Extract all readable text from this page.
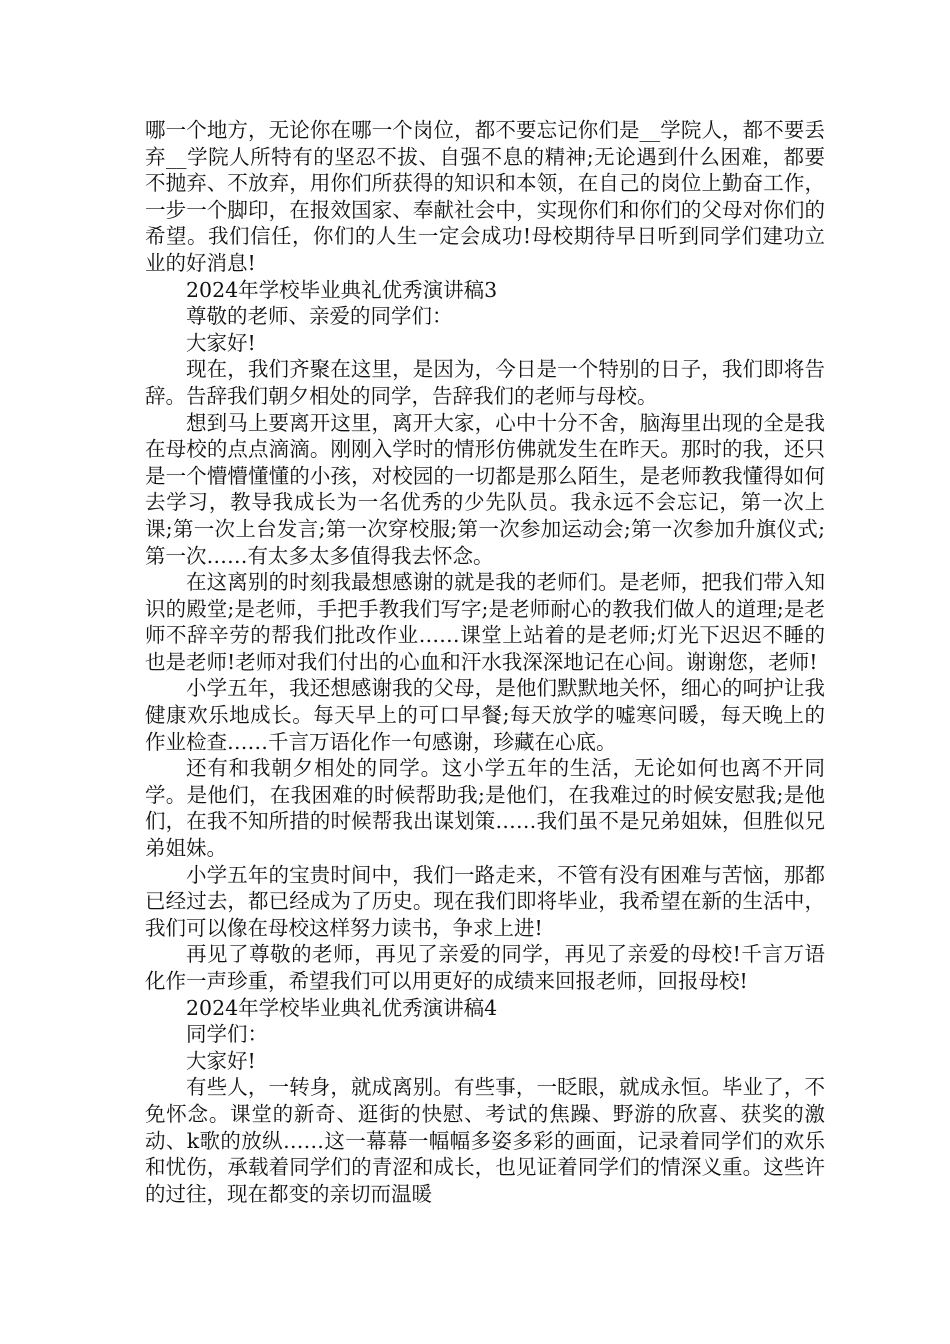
哪一个地方，无论你在哪一个岗位，都不要忘记你们是__学院人，都不要丢弃__学院人所特有的坚忍不拔、自强不息的精神;无论遇到什么困难，都要不抛弃、不放弃，用你们所获得的知识和本领，在自己的岗位上勤奋工作，一步一个脚印，在报效国家、奉献社会中，实现你们和你们的父母对你们的希望。我们信任，你们的人生一定会成功!母校期待早日听到同学们建功立业的好消息!

2024年学校毕业典礼优秀演讲稿3

尊敬的老师、亲爱的同学们：

大家好!

现在，我们齐聚在这里，是因为，今日是一个特别的日子，我们即将告辞。告辞我们朝夕相处的同学，告辞我们的老师与母校。

想到马上要离开这里，离开大家，心中十分不舍，脑海里出现的全是我在母校的点点滴滴。刚刚入学时的情形仿佛就发生在昨天。那时的我，还只是一个懵懵懂懂的小孩，对校园的一切都是那么陌生，是老师教我懂得如何去学习，教导我成长为一名优秀的少先队员。我永远不会忘记，第一次上课;第一次上台发言;第一次穿校服;第一次参加运动会;第一次参加升旗仪式;第一次……有太多太多值得我去怀念。

在这离别的时刻我最想感谢的就是我的老师们。是老师，把我们带入知识的殿堂;是老师，手把手教我们写字;是老师耐心的教我们做人的道理;是老师不辞辛劳的帮我们批改作业……课堂上站着的是老师;灯光下迟迟不睡的也是老师!老师对我们付出的心血和汗水我深深地记在心间。谢谢您，老师!

小学五年，我还想感谢我的父母，是他们默默地关怀，细心的呵护让我健康欢乐地成长。每天早上的可口早餐;每天放学的嘘寒问暖，每天晚上的作业检查……千言万语化作一句感谢，珍藏在心底。

还有和我朝夕相处的同学。这小学五年的生活，无论如何也离不开同学。是他们，在我困难的时候帮助我;是他们，在我难过的时候安慰我;是他们，在我不知所措的时候帮我出谋划策……我们虽不是兄弟姐妹，但胜似兄弟姐妹。

小学五年的宝贵时间中，我们一路走来，不管有没有困难与苦恼，那都已经过去，都已经成为了历史。现在我们即将毕业，我希望在新的生活中，我们可以像在母校这样努力读书，争求上进!

再见了尊敬的老师，再见了亲爱的同学，再见了亲爱的母校!千言万语化作一声珍重，希望我们可以用更好的成绩来回报老师，回报母校!

2024年学校毕业典礼优秀演讲稿4

同学们：

大家好!

有些人，一转身，就成离别。有些事，一眨眼，就成永恒。毕业了，不免怀念。课堂的新奇、逛街的快慰、考试的焦躁、野游的欣喜、获奖的激动、k歌的放纵……这一幕幕一幅幅多姿多彩的画面，记录着同学们的欢乐和忧伤，承载着同学们的青涩和成长，也见证着同学们的情深义重。这些许的过往，现在都变的亲切而温暖
